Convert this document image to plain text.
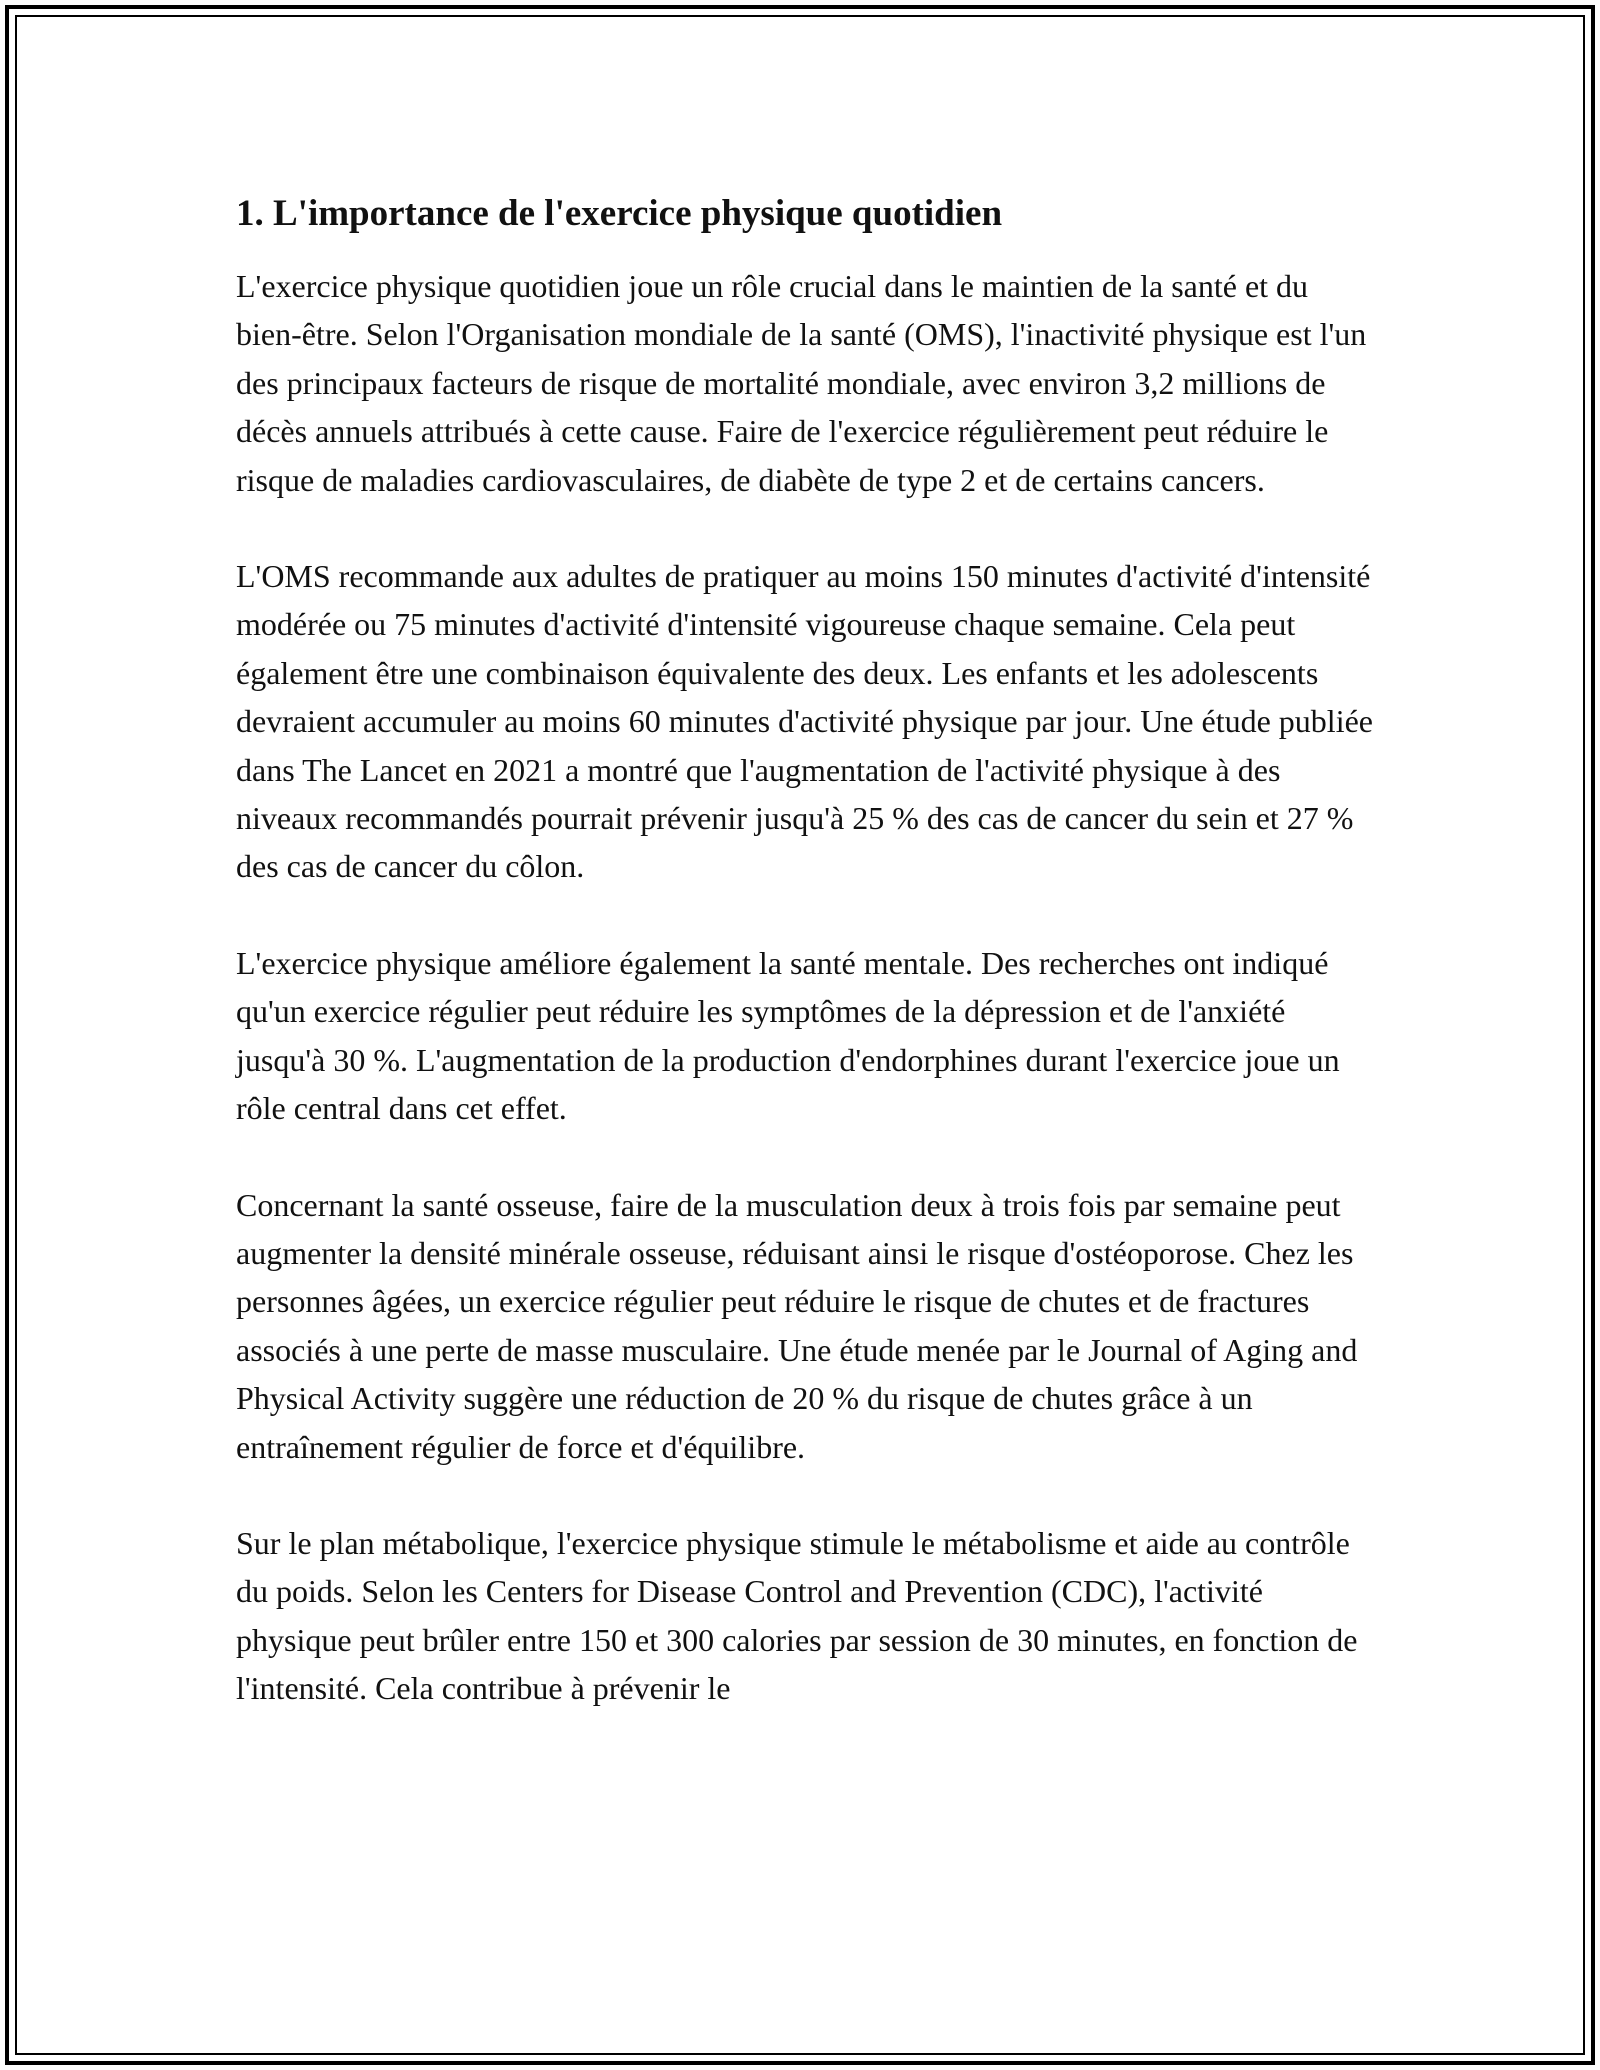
1. L'importance de l'exercice physique quotidien

L'exercice physique quotidien joue un rôle crucial dans le maintien de la santé et du bien-être. Selon l'Organisation mondiale de la santé (OMS), l'inactivité physique est l'un des principaux facteurs de risque de mortalité mondiale, avec environ 3,2 millions de décès annuels attribués à cette cause. Faire de l'exercice régulièrement peut réduire le risque de maladies cardiovasculaires, de diabète de type 2 et de certains cancers.

L'OMS recommande aux adultes de pratiquer au moins 150 minutes d'activité d'intensité modérée ou 75 minutes d'activité d'intensité vigoureuse chaque semaine. Cela peut également être une combinaison équivalente des deux. Les enfants et les adolescents devraient accumuler au moins 60 minutes d'activité physique par jour. Une étude publiée dans The Lancet en 2021 a montré que l'augmentation de l'activité physique à des niveaux recommandés pourrait prévenir jusqu'à 25 % des cas de cancer du sein et 27 % des cas de cancer du côlon.

L'exercice physique améliore également la santé mentale. Des recherches ont indiqué qu'un exercice régulier peut réduire les symptômes de la dépression et de l'anxiété jusqu'à 30 %. L'augmentation de la production d'endorphines durant l'exercice joue un rôle central dans cet effet.

Concernant la santé osseuse, faire de la musculation deux à trois fois par semaine peut augmenter la densité minérale osseuse, réduisant ainsi le risque d'ostéoporose. Chez les personnes âgées, un exercice régulier peut réduire le risque de chutes et de fractures associés à une perte de masse musculaire. Une étude menée par le Journal of Aging and Physical Activity suggère une réduction de 20 % du risque de chutes grâce à un entraînement régulier de force et d'équilibre.

Sur le plan métabolique, l'exercice physique stimule le métabolisme et aide au contrôle du poids. Selon les Centers for Disease Control and Prevention (CDC), l'activité physique peut brûler entre 150 et 300 calories par session de 30 minutes, en fonction de l'intensité. Cela contribue à prévenir le
